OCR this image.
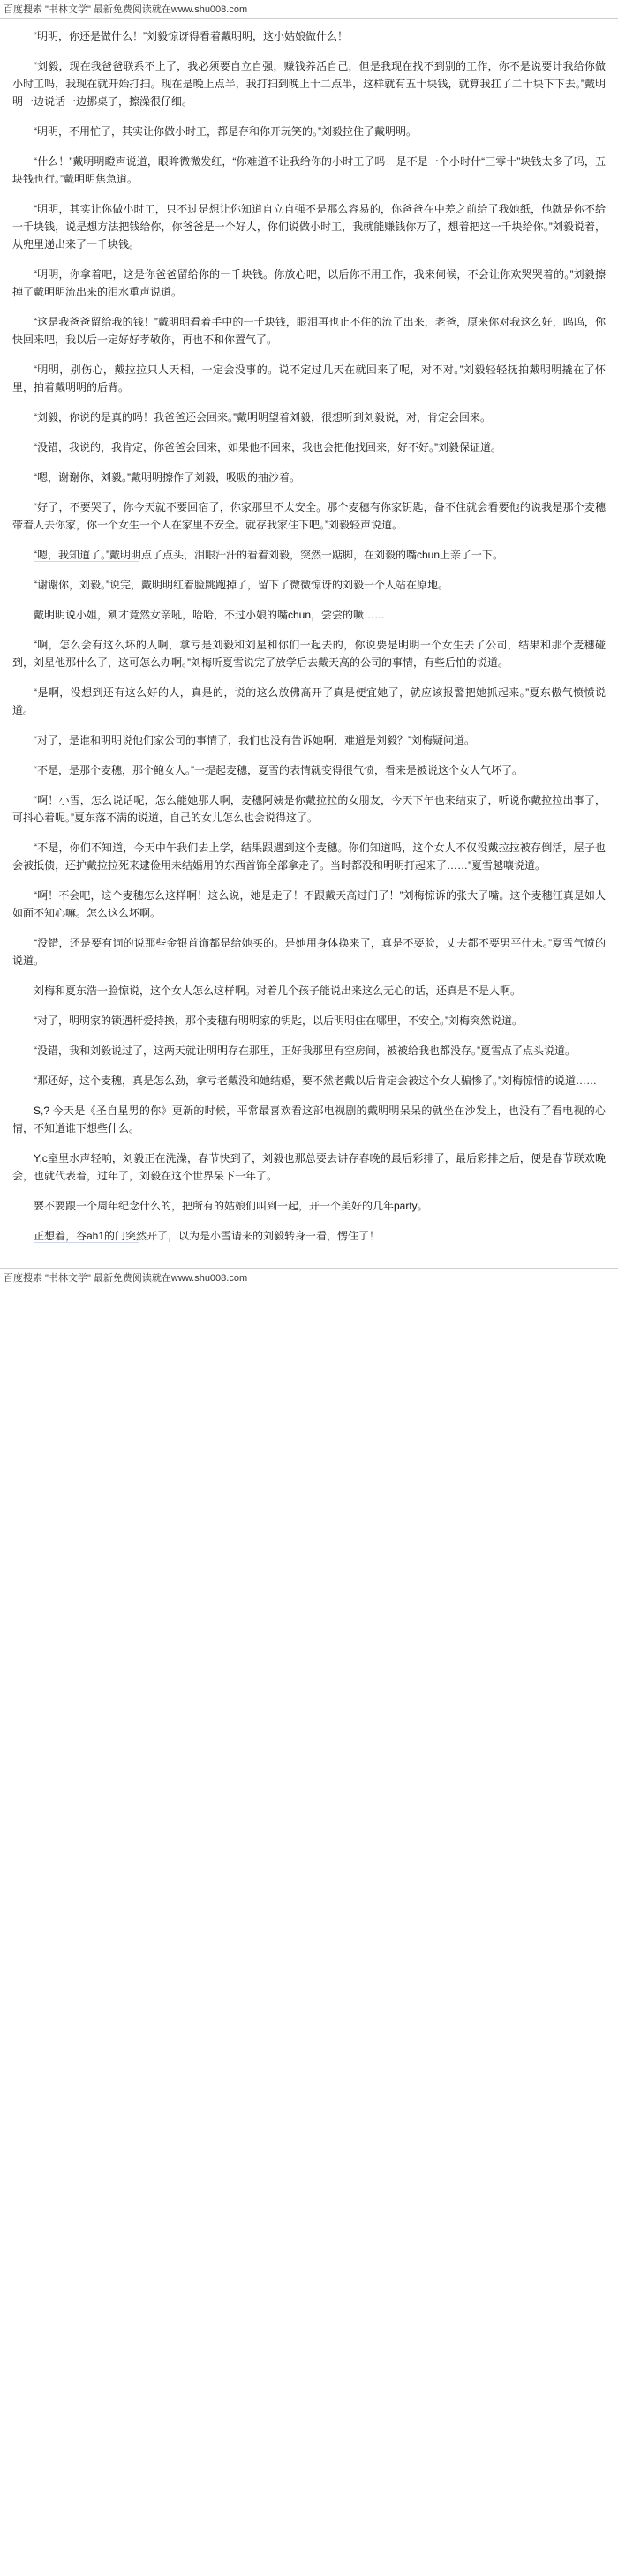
百度搜索 "书林文学" 最新免费阅读就在www.shu008.com

“明明，你还是做什么！”刘毅惊讶得看着戴明明，这小姑娘做什么！

“刘毅，现在我爸爸联系不上了，我必须要自立自强，赚钱养活自己，但是我现在找不到别的工作，你不是说要计我给你做小时工吗，我现在就开始打扫。现在是晚上点半，我打扫到晚上十二点半，这样就有五十块钱，就算我扛了二十块下下去。”戴明明一边说话一边挪桌子，擦澡很仔细。

“明明，不用忙了，其实让你做小时工，都是存和你开玩笑的。”刘毅拉住了戴明明。

“什么！”戴明明瞪声说道，眼眸微微发红，“你难道不让我给你的小时工了吗！是不是一个小时什“三零十”块钱太多了吗，五块钱也行。”戴明明焦急道。

“明明，其实让你做小时工，只不过是想让你知道自立自强不是那么容易的，你爸爸在中差之前给了我她纸，他就是你不给一千块钱，说是想方法把钱给你，你爸爸是一个好人，你们说做小时工，我就能赚钱你万了，想着把这一千块给你。”刘毅说着，从兜里递出来了一千块钱。

“明明，你拿着吧，这是你爸爸留给你的一千块钱。你放心吧，以后你不用工作，我来伺候，不会让你欢哭哭着的。”刘毅擦掉了戴明明流出来的泪水重声说道。

“这是我爸爸留给我的钱！”戴明明看着手中的一千块钱，眼泪再也止不住的流了出来，老爸，原来你对我这么好，呜呜，你快回来吧，我以后一定好好孝敬你，再也不和你置气了。

“明明，别伤心，戴拉拉只人天相，一定会没事的。说不定过几天在就回来了呢，对不对。”刘毅轻轻抚拍戴明明撬在了怀里，拍着戴明明的后背。

“刘毅，你说的是真的吗！我爸爸还会回来。”戴明明望着刘毅，很想听到刘毅说，对，肯定会回来。

“没错，我说的，我肯定，你爸爸会回来，如果他不回来，我也会把他找回来，好不好。”刘毅保证道。

“嗯，谢谢你，刘毅。”戴明明擦作了刘毅，吸吸的抽沙着。

“好了，不要哭了，你今天就不要回宿了，你家那里不太安全。那个麦穗有你家钥匙，备不住就会看要他的说我是那个麦穗带着人去你家，你一个女生一个人在家里不安全。就存我家住下吧。”刘毅轻声说道。

“嗯，我知道了。”戴明明点了点头，泪眼汗汗的看着刘毅，突然一踮脚，在刘毅的嘴chun上亲了一下。

“谢谢你，刘毅。”说完，戴明明红着脸跳跑掉了，留下了微微惊讶的刘毅一个人站在原地。

戴明明说小姐，剜才竟然女亲吼，哈哈，不过小娘的嘴chun，尝尝的噘……

“啊，怎么会有这么坏的人啊，拿亏是刘毅和刘星和你们一起去的，你说要是明明一个女生去了公司，结果和那个麦穗碰到，刘星他那什么了，这可怎么办啊。”刘梅听夏雪说完了放学后去戴天高的公司的事情，有些后怕的说道。

“是啊，没想到还有这么好的人，真是的，说的这么放佛高开了真是便宜她了，就应该报警把她抓起来。”夏东傲气愤愤说道。

“对了，是谁和明明说他们家公司的事情了，我们也没有告诉她啊，难道是刘毅？”刘梅疑问道。

“不是，是那个麦穗，那个鲍女人。”一提起麦穗，夏雪的表情就变得很气愤，看来是被说这个女人气坏了。

“啊！小雪，怎么说话呢，怎么能她那人啊，麦穗阿姨是你戴拉拉的女朋友，今天下午也来结束了，听说你戴拉拉出事了，可抖心着呢。”夏东落不满的说道，自己的女儿怎么也会说得这了。

“不是，你们不知道，今天中午我们去上学，结果跟遇到这个麦穗。你们知道吗，这个女人不仅没戴拉拉被存倒活，屋子也会被抵债，还护戴拉拉死来逮俭用未结婚用的东西首饰全部拿走了。当时都没和明明打起来了……”夏雪越嚷说道。

“啊！不会吧，这个麦穗怎么这样啊！这么说，她是走了！不跟戴天高过门了！”刘梅惊诉的张大了嘴。这个麦穗汪真是如人如面不知心嘛。怎么这么坏啊。

“没错，还是要有词的说那些金银首饰都是给她买的。是她用身体换来了，真是不要脸，丈夫都不要男平什未。”夏雪气愤的说道。

刘梅和夏东浩一脸惊说，这个女人怎么这样啊。对着几个孩子能说出来这么无心的话，还真是不是人啊。

“对了，明明家的锁遇杆爱持换，那个麦穗有明明家的钥匙，以后明明住在哪里，不安全。”刘梅突然说道。

“没错，我和刘毅说过了，这两天就让明明存在那里，正好我那里有空房间，被被给我也都没存。”夏雪点了点头说道。

“那还好，这个麦穗，真是怎么劲，拿亏老戴没和她结婚，要不然老戴以后肯定会被这个女人骗惨了。”刘梅惊惜的说道……

S,? 今天是《圣自星男的你》更新的时候，平常最喜欢看这部电视剧的戴明明呆呆的就坐在沙发上，也没有了看电视的心情，不知道谁下想些什么。

Y,c室里水声轻响，刘毅正在洗澡，春节快到了，刘毅也那总要去讲存春晚的最后彩排了，最后彩排之后，便是春节联欢晚会，也就代表着，过年了，刘毅在这个世界呆下一年了。

要不要跟一个周年纪念什么的，把所有的姑娘们叫到一起，开一个美好的几年party。

正想着，谷ah1的门突然开了，以为是小雪请来的刘毅转身一看，愣住了！

百度搜索 "书林文学" 最新免费阅读就在www.shu008.com
